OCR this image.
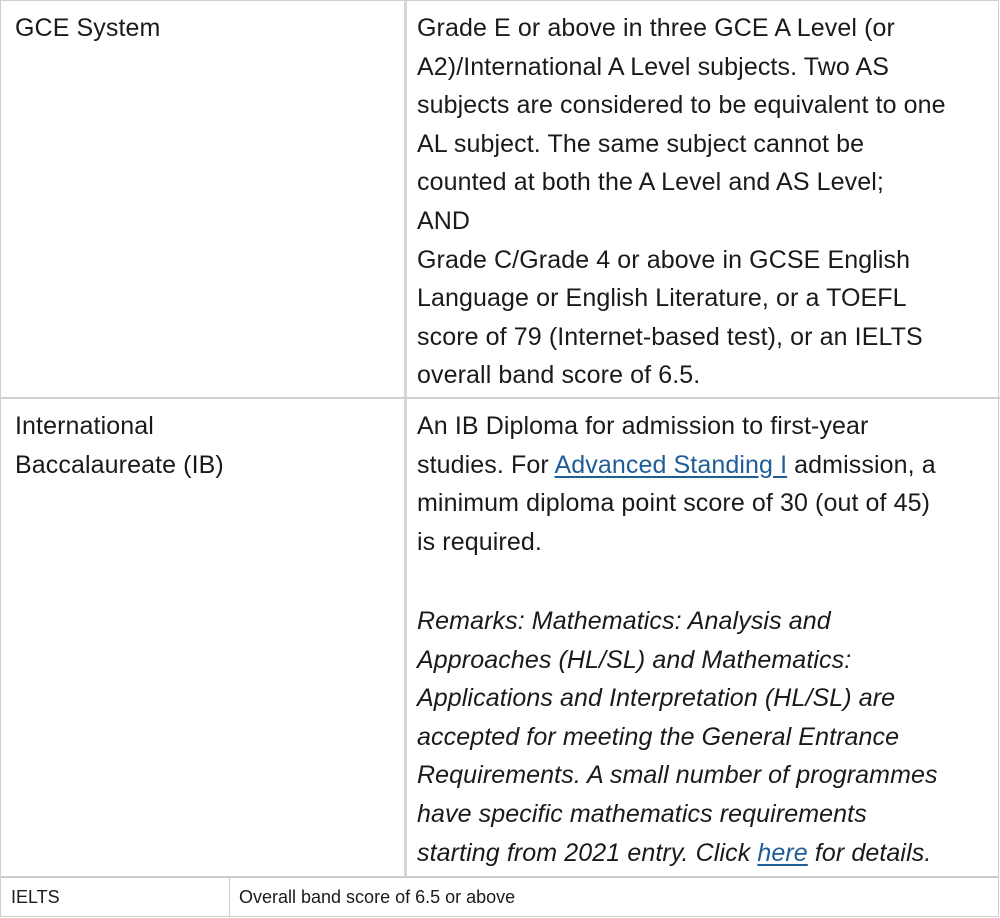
GCE System	Grade E or above in three GCE A Level (or
A2)/International A Level subjects. Two AS
subjects are considered to be equivalent to one
AL subject. The same subject cannot be
counted at both the A Level and AS Level;
AND
Grade C/Grade 4 or above in GCSE English
Language or English Literature, or a TOEFL
score of 79 (Internet-based test), or an IELTS
overall band score of 6.5.
International
Baccalaureate (IB)
An IB Diploma for admission to first-year
studies. For Advanced Standing I admission, a
minimum diploma point score of 30 (out of 45)
is required.
Remarks: Mathematics: Analysis and
Approaches (HL/SL) and Mathematics:
Applications and Interpretation (HL/SL) are
accepted for meeting the General Entrance
Requirements. A small number of programmes
have specific mathematics requirements
starting from 2021 entry. Click here for details.
IELTS	Overall band score of 6.5 or above
